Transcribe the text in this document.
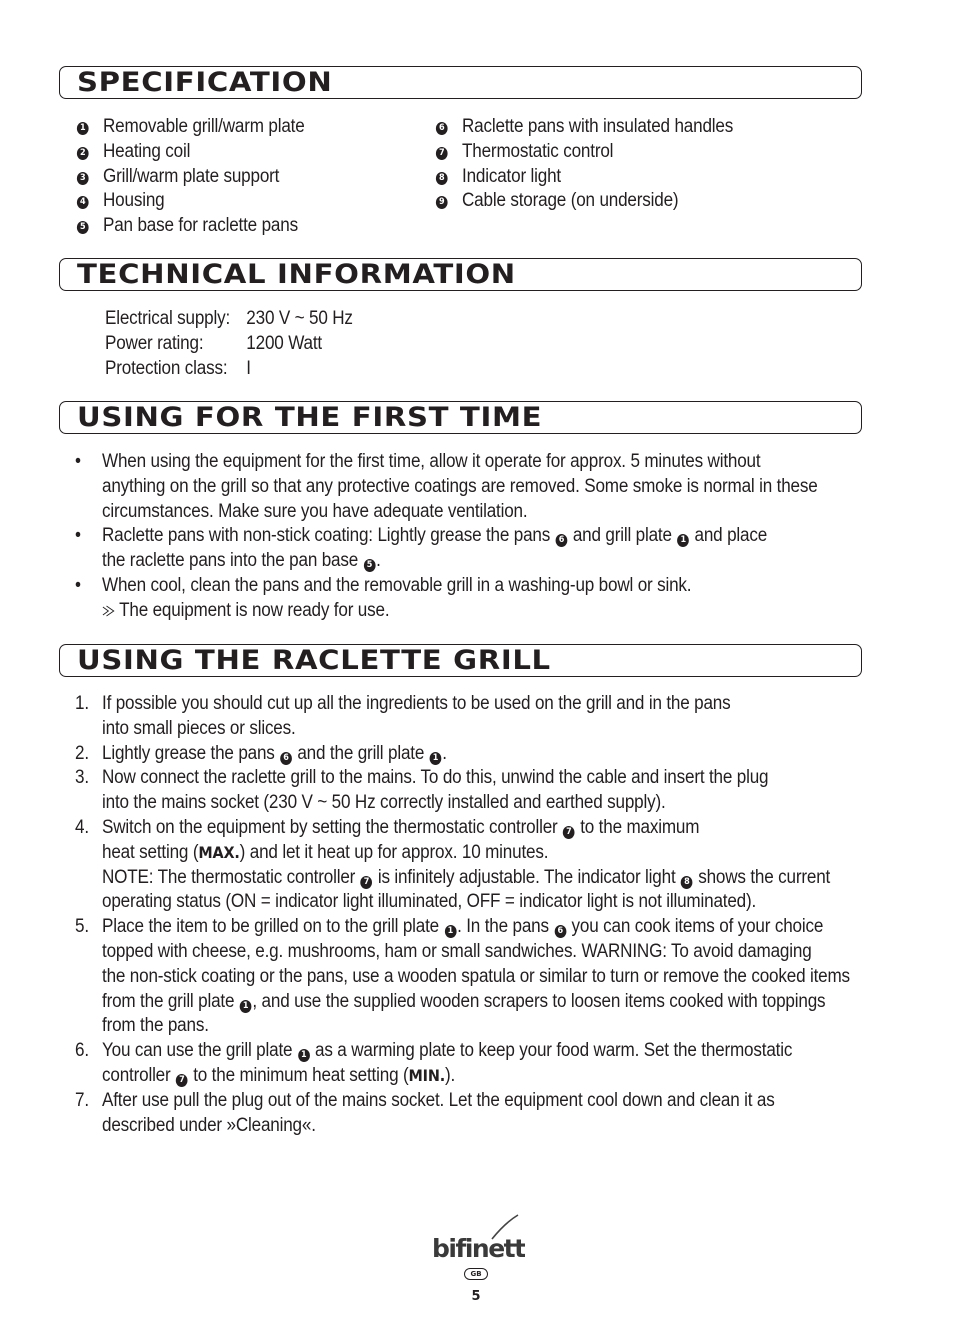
SPECIFICATION
1 Removable grill/warm plate
2 Heating coil
3 Grill/warm plate support
4 Housing
5 Pan base for raclette pans
6 Raclette pans with insulated handles
7 Thermostatic control
8 Indicator light
9 Cable storage (on underside)
TECHNICAL INFORMATION
Electrical supply: 230 V ~ 50 Hz
Power rating: 1200 Watt
Protection class: I
USING FOR THE FIRST TIME
• When using the equipment for the first time, allow it operate for approx. 5 minutes without
anything on the grill so that any protective coatings are removed. Some smoke is normal in these
circumstances. Make sure you have adequate ventilation.
• Raclette pans with non-stick coating: Lightly grease the pans 6 and grill plate 1 and place
the raclette pans into the pan base 5 .
• When cool, clean the pans and the removable grill in a washing-up bowl or sink.
The equipment is now ready for use.
USING THE RACLETTE GRILL
1. If possible you should cut up all the ingredients to be used on the grill and in the pans
into small pieces or slices.
2. Lightly grease the pans 6 and the grill plate 1 .
3. Now connect the raclette grill to the mains. To do this, unwind the cable and insert the plug
into the mains socket (230 V ~ 50 Hz correctly installed and earthed supply).
4. Switch on the equipment by setting the thermostatic controller 7 to the maximum
heat setting (MAX.) and let it heat up for approx. 10 minutes.
NOTE: The thermostatic controller 7 is infinitely adjustable. The indicator light 8 shows the current
operating status (ON = indicator light illuminated, OFF = indicator light is not illuminated).
5. Place the item to be grilled on to the grill plate 1 . In the pans 6 you can cook items of your choice
topped with cheese, e.g. mushrooms, ham or small sandwiches. WARNING: To avoid damaging
the non-stick coating or the pans, use a wooden spatula or similar to turn or remove the cooked items
from the grill plate 1 , and use the supplied wooden scrapers to loosen items cooked with toppings
from the pans.
6. You can use the grill plate 1 as a warming plate to keep your food warm. Set the thermostatic
controller 7 to the minimum heat setting (MIN.).
7. After use pull the plug out of the mains socket. Let the equipment cool down and clean it as
described under »Cleaning«.
bifinett
GB
5
